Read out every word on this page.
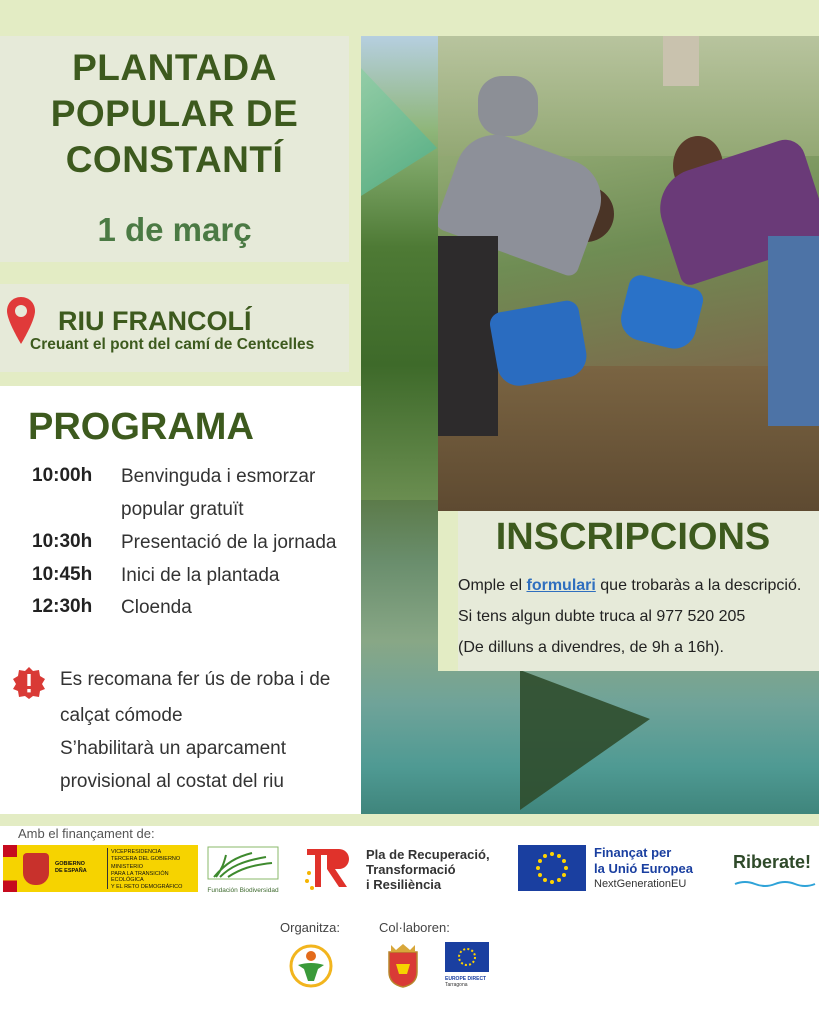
PLANTADA
POPULAR DE
CONSTANTÍ
1 de març
RIU FRANCOLÍ
Creuant el pont del camí de Centcelles
PROGRAMA
10:00h Benvinguda i esmorzar popular gratuït
10:30h Presentació de la jornada
10:45h Inici de la plantada
12:30h Cloenda
Es recomana fer ús de roba i de
calçat cómode
S’habilitarà un aparcament
provisional al costat del riu
INSCRIPCIONS
Omple el formulari que trobaràs a la descripció.
Si tens algun dubte truca al 977 520 205
(De dilluns a divendres, de 9h a 16h).
Amb el finançament de:
GOBIERNO
DE ESPAÑA
VICEPRESIDENCIA
TERCERA DEL GOBIERNO
MINISTERIO
PARA LA TRANSICIÓN ECOLÓGICA
Y EL RETO DEMOGRÁFICO
Fundación Biodiversidad
Pla de Recuperació,
Transformació
i Resiliència
Finançat per
la Unió Europea
NextGenerationEU
Riberate!
Organitza:	Col·laboren:
EUROPE DIRECT
Tarragona
